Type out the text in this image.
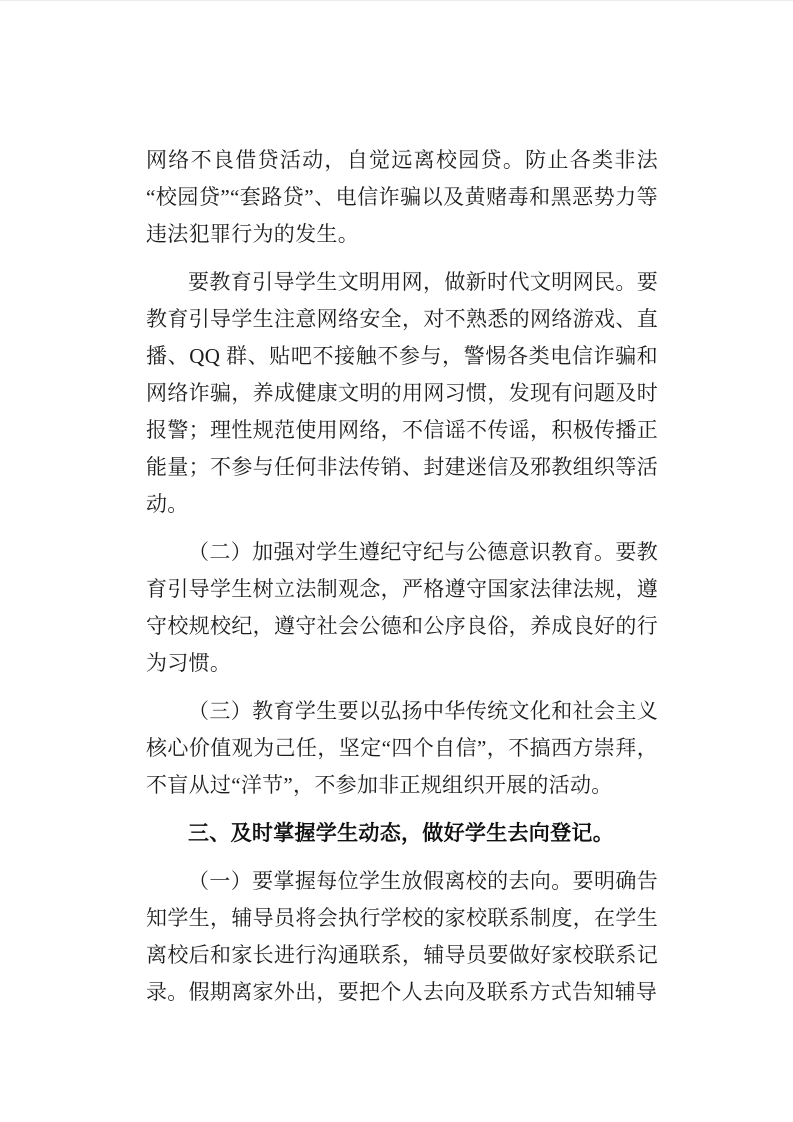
网络不良借贷活动，自觉远离校园贷。防止各类非法“校园贷”“套路贷”、电信诈骗以及黄赌毒和黑恶势力等违法犯罪行为的发生。

要教育引导学生文明用网，做新时代文明网民。要教育引导学生注意网络安全，对不熟悉的网络游戏、直播、QQ 群、贴吧不接触不参与，警惕各类电信诈骗和网络诈骗，养成健康文明的用网习惯，发现有问题及时报警；理性规范使用网络，不信谣不传谣，积极传播正能量；不参与任何非法传销、封建迷信及邪教组织等活动。

（二）加强对学生遵纪守纪与公德意识教育。要教育引导学生树立法制观念，严格遵守国家法律法规，遵守校规校纪，遵守社会公德和公序良俗，养成良好的行为习惯。

（三）教育学生要以弘扬中华传统文化和社会主义核心价值观为己任，坚定“四个自信”，不搞西方崇拜，不盲从过“洋节”，不参加非正规组织开展的活动。

三、及时掌握学生动态，做好学生去向登记。

（一）要掌握每位学生放假离校的去向。要明确告知学生，辅导员将会执行学校的家校联系制度，在学生离校后和家长进行沟通联系，辅导员要做好家校联系记录。假期离家外出，要把个人去向及联系方式告知辅导
